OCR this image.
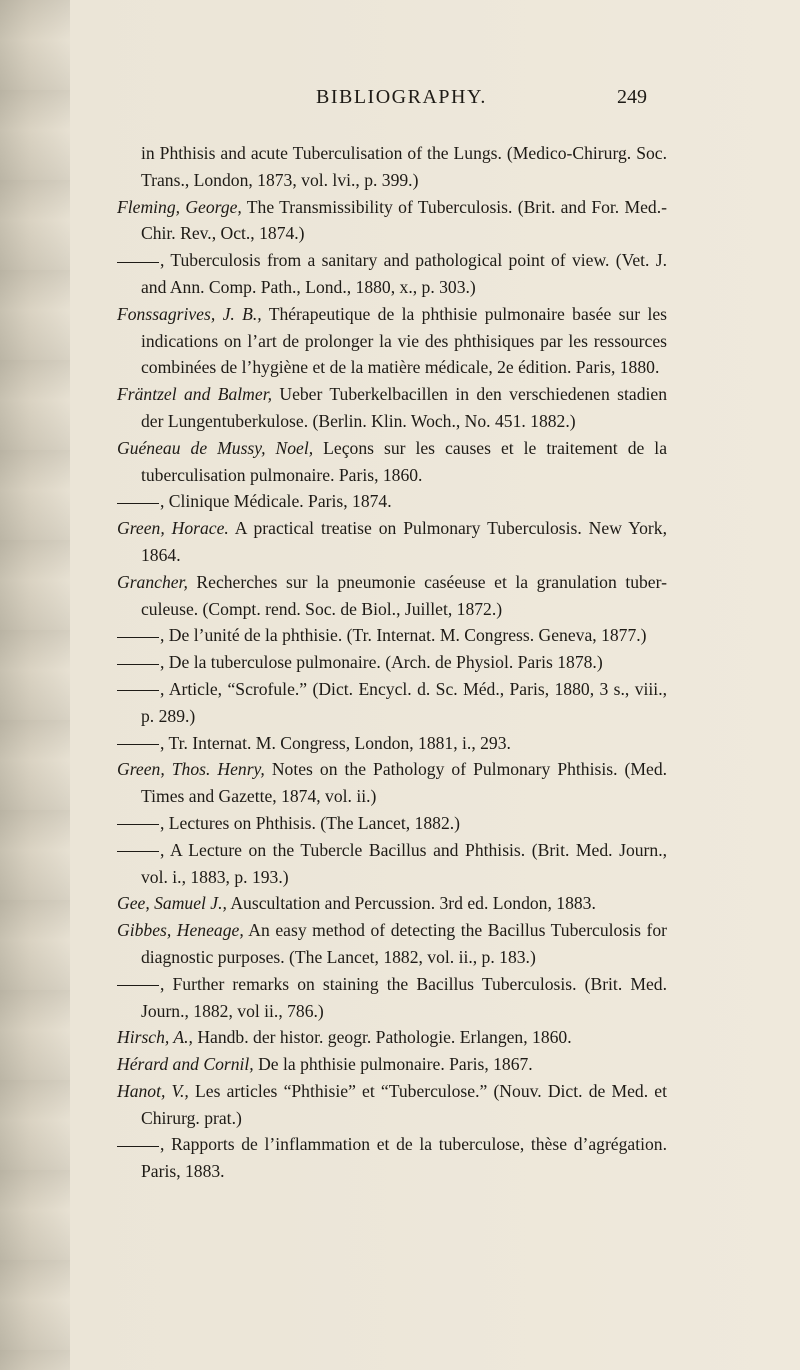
BIBLIOGRAPHY.	249
in Phthisis and acute Tuberculisation of the Lungs. (Medico-Chirurg. Soc. Trans., London, 1873, vol. lvi., p. 399.)
Fleming, George, The Transmissibility of Tuberculosis. (Brit. and For. Med.-Chir. Rev., Oct., 1874.)
, Tuberculosis from a sanitary and pathological point of view. (Vet. J. and Ann. Comp. Path., Lond., 1880, x., p. 303.)
Fonssagrives, J. B., Thérapeutique de la phthisie pulmonaire basée sur les indications on l’art de prolonger la vie des phthisiques par les ressources combinées de l’hygiène et de la matière médicale, 2e édition. Paris, 1880.
Fräntzel and Balmer, Ueber Tuberkelbacillen in den verschiedenen stadien der Lungentuberkulose. (Berlin. Klin. Woch., No. 451. 1882.)
Guéneau de Mussy, Noel, Leçons sur les causes et le traitement de la tuberculisation pulmonaire. Paris, 1860.
, Clinique Médicale. Paris, 1874.
Green, Horace. A practical treatise on Pulmonary Tuberculosis. New York, 1864.
Grancher, Recherches sur la pneumonie caséeuse et la granulation tuber- culeuse. (Compt. rend. Soc. de Biol., Juillet, 1872.)
, De l’unité de la phthisie. (Tr. Internat. M. Congress. Geneva, 1877.)
, De la tuberculose pulmonaire. (Arch. de Physiol. Paris 1878.)
, Article, “Scrofule.” (Dict. Encycl. d. Sc. Méd., Paris, 1880, 3 s., viii., p. 289.)
, Tr. Internat. M. Congress, London, 1881, i., 293.
Green, Thos. Henry, Notes on the Pathology of Pulmonary Phthisis. (Med. Times and Gazette, 1874, vol. ii.)
, Lectures on Phthisis. (The Lancet, 1882.)
, A Lecture on the Tubercle Bacillus and Phthisis. (Brit. Med. Journ., vol. i., 1883, p. 193.)
Gee, Samuel J., Auscultation and Percussion. 3rd ed. London, 1883.
Gibbes, Heneage, An easy method of detecting the Bacillus Tuberculosis for diagnostic purposes. (The Lancet, 1882, vol. ii., p. 183.)
, Further remarks on staining the Bacillus Tuberculosis. (Brit. Med. Journ., 1882, vol ii., 786.)
Hirsch, A., Handb. der histor. geogr. Pathologie. Erlangen, 1860.
Hérard and Cornil, De la phthisie pulmonaire. Paris, 1867.
Hanot, V., Les articles “Phthisie” et “Tuberculose.” (Nouv. Dict. de Med. et Chirurg. prat.)
, Rapports de l’inflammation et de la tuberculose, thèse d’agrégation. Paris, 1883.
